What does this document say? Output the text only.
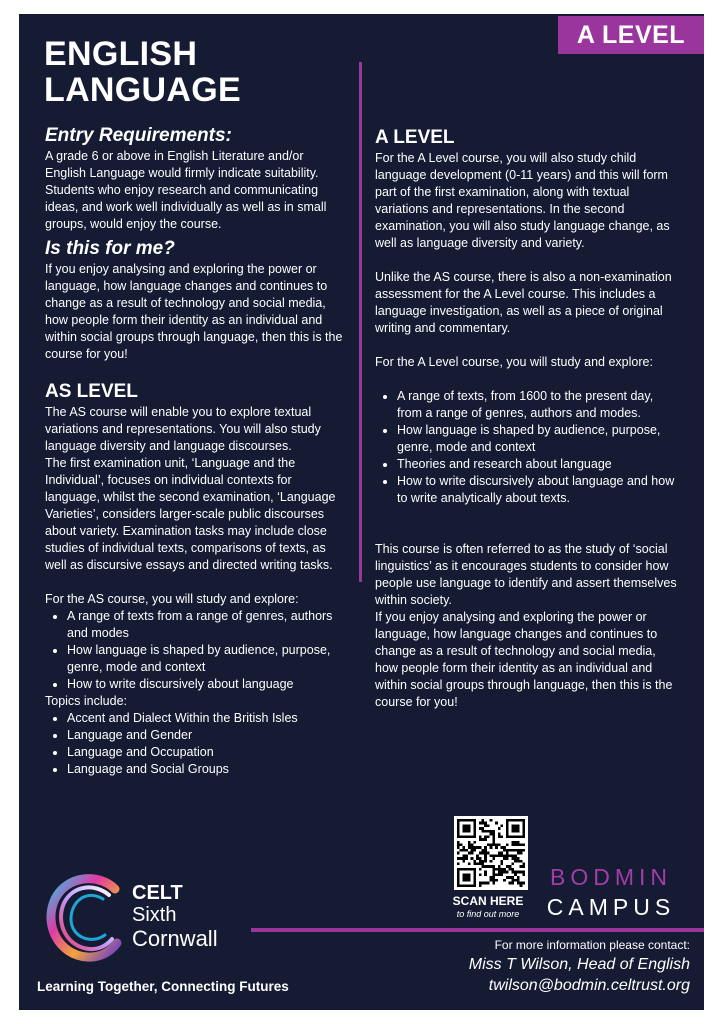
A LEVEL
ENGLISH
LANGUAGE
Entry Requirements:

A grade 6 or above in English Literature and/or English Language would firmly indicate suitability. Students who enjoy research and communicating ideas, and work well individually as well as in small groups, would enjoy the course.

Is this for me?

If you enjoy analysing and exploring the power or language, how language changes and continues to change as a result of technology and social media, how people form their identity as an individual and within social groups through language, then this is the course for you!

AS LEVEL

The AS course will enable you to explore textual variations and representations. You will also study language diversity and language discourses.

The first examination unit, ‘Language and the Individual’, focuses on individual contexts for language, whilst the second examination, ‘Language Varieties’, considers larger-scale public discourses about variety. Examination tasks may include close studies of individual texts, comparisons of texts, as well as discursive essays and directed writing tasks.

For the AS course, you will study and explore:

• A range of texts from a range of genres, authors and modes
• How language is shaped by audience, purpose, genre, mode and context
• How to write discursively about language

Topics include:

• Accent and Dialect Within the British Isles
• Language and Gender
• Language and Occupation
• Language and Social Groups
A LEVEL

For the A Level course, you will also study child language development (0-11 years) and this will form part of the first examination, along with textual variations and representations. In the second examination, you will also study language change, as well as language diversity and variety.

Unlike the AS course, there is also a non-examination assessment for the A Level course. This includes a language investigation, as well as a piece of original writing and commentary.

For the A Level course, you will study and explore:

• A range of texts, from 1600 to the present day, from a range of genres, authors and modes.
• How language is shaped by audience, purpose, genre, mode and context
• Theories and research about language
• How to write discursively about language and how to write analytically about texts.

This course is often referred to as the study of ‘social linguistics’ as it encourages students to consider how people use language to identify and assert themselves within society.

If you enjoy analysing and exploring the power or language, how language changes and continues to change as a result of technology and social media, how people form their identity as an individual and within social groups through language, then this is the course for you!

SCAN HERE
to find out more
BODMIN
CAMPUS
CELT
Sixth
Cornwall
Learning Together, Connecting Futures
For more information please contact:
Miss T Wilson, Head of English
twilson@bodmin.celtrust.org
